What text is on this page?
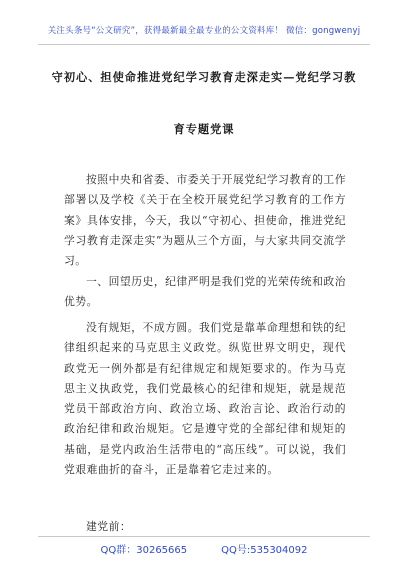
关注头条号“公文研究”，获得最新最全最专业的公文资料库！ 微信：gongwenyj
守初心、担使命推进党纪学习教育走深走实—党纪学习教
育专题党课
按照中央和省委、市委关于开展党纪学习教育的工作部署以及学校《关于在全校开展党纪学习教育的工作方案》具体安排，今天，我以“守初心、担使命，推进党纪学习教育走深走实”为题从三个方面，与大家共同交流学习。
一、回望历史，纪律严明是我们党的光荣传统和政治优势。
没有规矩，不成方圆。我们党是靠革命理想和铁的纪律组织起来的马克思主义政党。纵览世界文明史，现代政党无一例外都是有纪律规定和规矩要求的。作为马克思主义执政党，我们党最核心的纪律和规矩，就是规范党员干部政治方向、政治立场、政治言论、政治行动的政治纪律和政治规矩。它是遵守党的全部纪律和规矩的基础，是党内政治生活带电的“高压线”。可以说，我们党艰难曲折的奋斗，正是靠着它走过来的。
建党前：
QQ群：30265665	QQ号:535304092
